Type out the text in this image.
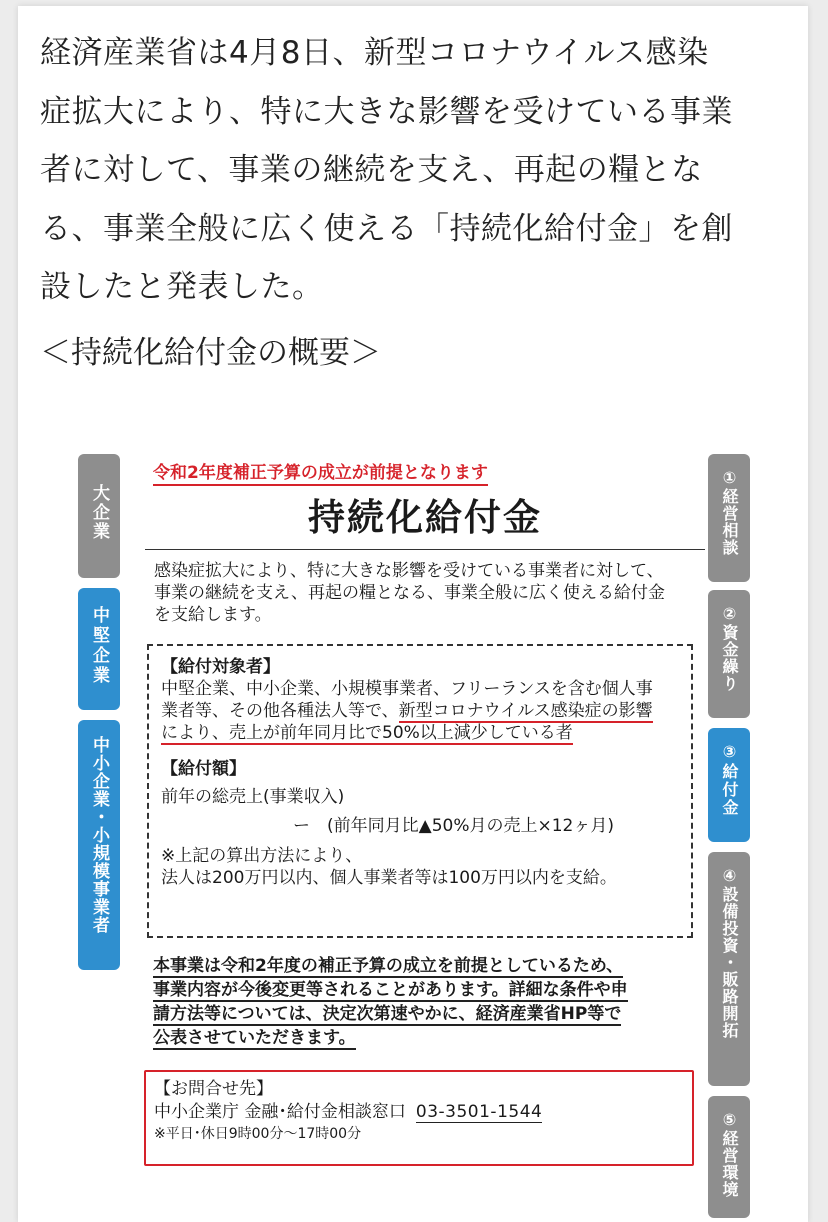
経済産業省は4月8日、新型コロナウイルス感染
症拡大により、特に大きな影響を受けている事業
者に対して、事業の継続を支え、再起の糧とな
る、事業全般に広く使える「持続化給付金」を創
設したと発表した。
＜持続化給付金の概要＞
大企業
中堅企業
中小企業・小規模事業者
①経営相談
②資金繰り
③給付金
④設備投資・販路開拓
⑤経営環境
令和2年度補正予算の成立が前提となります
持続化給付金
感染症拡大により、特に大きな影響を受けている事業者に対して、
事業の継続を支え、再起の糧となる、事業全般に広く使える給付金
を支給します。
【給付対象者】
中堅企業、中小企業、小規模事業者、フリーランスを含む個人事
業者等、その他各種法人等で、新型コロナウイルス感染症の影響
により、売上が前年同月比で50%以上減少している者
【給付額】
前年の総売上(事業収入)
ー　(前年同月比▲50%月の売上×12ヶ月)
※上記の算出方法により、
法人は200万円以内、個人事業者等は100万円以内を支給。
本事業は令和2年度の補正予算の成立を前提としているため、
事業内容が今後変更等されることがあります。詳細な条件や申
請方法等については、決定次第速やかに、経済産業省HP等で
公表させていただきます。
【お問合せ先】
中小企業庁 金融･給付金相談窓口 03-3501-1544
※平日･休日9時00分～17時00分
